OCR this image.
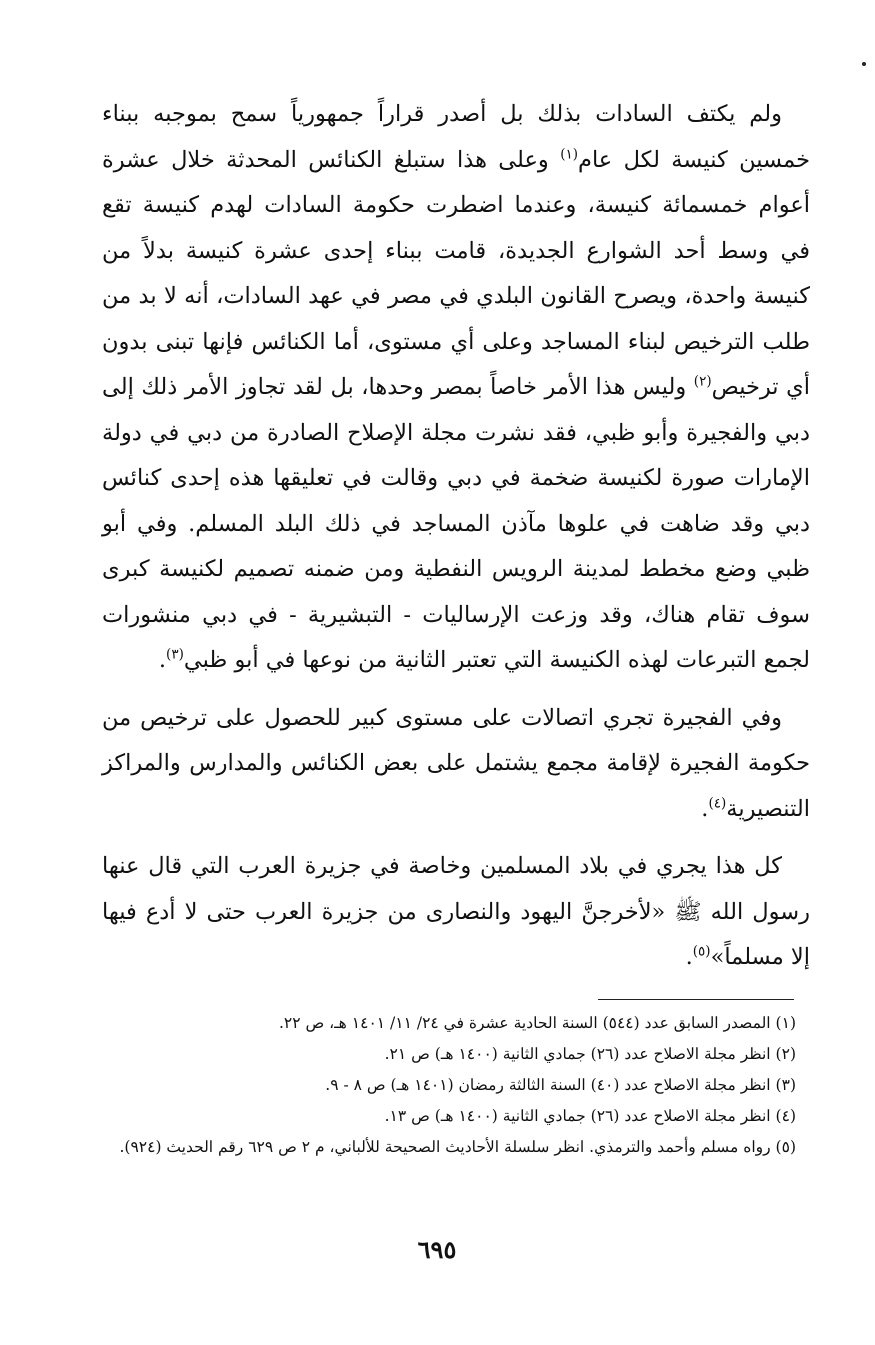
ولم يكتف السادات بذلك بل أصدر قراراً جمهورياً سمح بموجبه ببناء خمسين كنيسة لكل عام$^{(١)}$ وعلى هذا ستبلغ الكنائس المحدثة خلال عشرة أعوام خمسمائة كنيسة، وعندما اضطرت حكومة السادات لهدم كنيسة تقع في وسط أحد الشوارع الجديدة، قامت ببناء إحدى عشرة كنيسة بدلاً من كنيسة واحدة، ويصرح القانون البلدي في مصر في عهد السادات، أنه لا بد من طلب الترخيص لبناء المساجد وعلى أي مستوى، أما الكنائس فإنها تبنى بدون أي ترخيص$^{(٢)}$ وليس هذا الأمر خاصاً بمصر وحدها، بل لقد تجاوز الأمر ذلك إلى دبي والفجيرة وأبو ظبي، فقد نشرت مجلة الإصلاح الصادرة من دبي في دولة الإمارات صورة لكنيسة ضخمة في دبي وقالت في تعليقها هذه إحدى كنائس دبي وقد ضاهت في علوها مآذن المساجد في ذلك البلد المسلم. وفي أبو ظبي وضع مخطط لمدينة الرويس النفطية ومن ضمنه تصميم لكنيسة كبرى سوف تقام هناك، وقد وزعت الإرساليات - التبشيرية - في دبي منشورات لجمع التبرعات لهذه الكنيسة التي تعتبر الثانية من نوعها في أبو ظبي$^{(٣)}$.

وفي الفجيرة تجري اتصالات على مستوى كبير للحصول على ترخيص من حكومة الفجيرة لإقامة مجمع يشتمل على بعض الكنائس والمدارس والمراكز التنصيرية$^{(٤)}$.

كل هذا يجري في بلاد المسلمين وخاصة في جزيرة العرب التي قال عنها رسول الله ﷺ «لأخرجنَّ اليهود والنصارى من جزيرة العرب حتى لا أدع فيها إلا مسلماً»$^{(٥)}$.

(١) المصدر السابق عدد (٥٤٤) السنة الحادية عشرة في ٢٤/ ١١/ ١٤٠١ هـ، ص ٢٢.

(٢) انظر مجلة الاصلاح عدد (٢٦) جمادي الثانية (١٤٠٠ هـ) ص ٢١.

(٣) انظر مجلة الاصلاح عدد (٤٠) السنة الثالثة رمضان (١٤٠١ هـ) ص ٨ - ٩.

(٤) انظر مجلة الاصلاح عدد (٢٦) جمادي الثانية (١٤٠٠ هـ) ص ١٣.

(٥) رواه مسلم وأحمد والترمذي. انظر سلسلة الأحاديث الصحيحة للألباني، م ٢ ص ٦٢٩ رقم الحديث (٩٢٤).

٦٩٥
